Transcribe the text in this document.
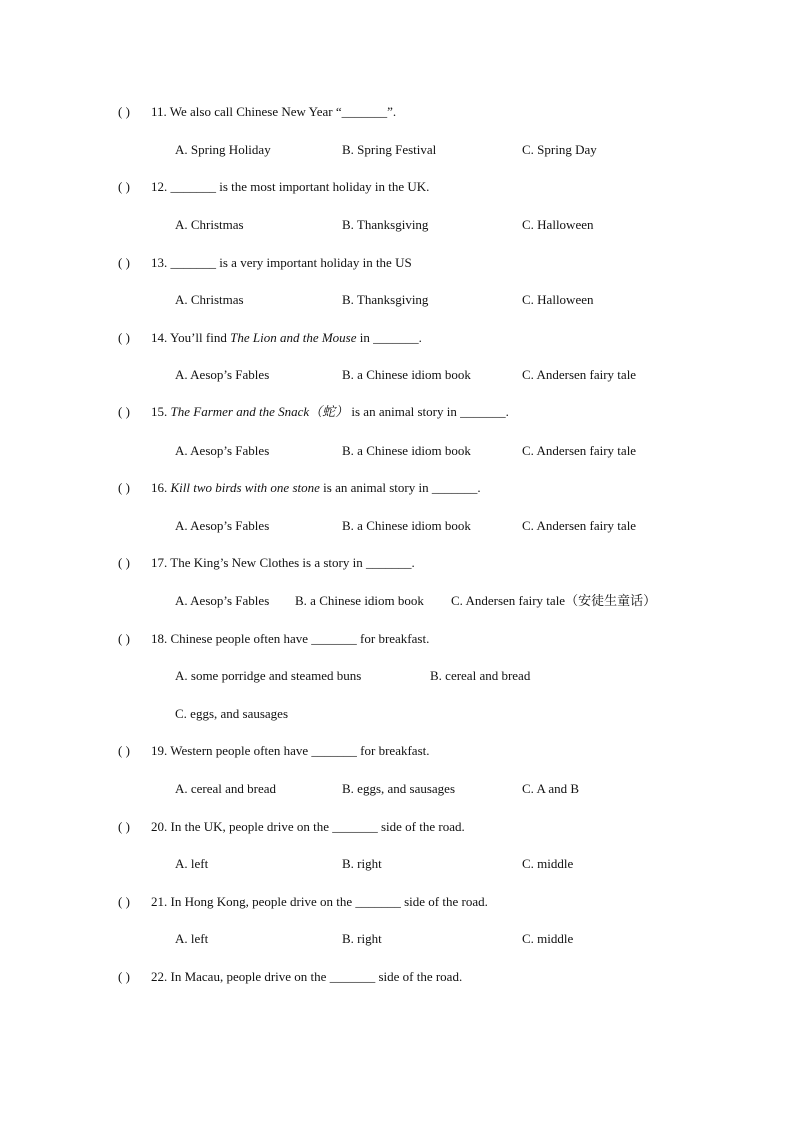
( ) 11. We also call Chinese New Year “_______”.
A. Spring Holiday	B. Spring Festival	C. Spring Day
( ) 12. _______ is the most important holiday in the UK.
A. Christmas	B. Thanksgiving	C. Halloween
( ) 13. _______ is a very important holiday in the US
A. Christmas	B. Thanksgiving	C. Halloween
( ) 14. You’ll find The Lion and the Mouse in _______.
A. Aesop’s Fables	B. a Chinese idiom book	C. Andersen fairy tale
( ) 15. The Farmer and the Snack（蛇） is an animal story in _______.
A. Aesop’s Fables	B. a Chinese idiom book	C. Andersen fairy tale
( ) 16. Kill two birds with one stone is an animal story in _______.
A. Aesop’s Fables	B. a Chinese idiom book	C. Andersen fairy tale
( ) 17. The King’s New Clothes is a story in _______.
A. Aesop’s Fables B. a Chinese idiom book C. Andersen fairy tale（安徒生童话）
( ) 18. Chinese people often have _______ for breakfast.
A. some porridge and steamed buns	B. cereal and bread
C. eggs, and sausages
( ) 19. Western people often have _______ for breakfast.
A. cereal and bread	B. eggs, and sausages	C. A and B
( ) 20. In the UK, people drive on the _______ side of the road.
A. left	B. right	C. middle
( ) 21. In Hong Kong, people drive on the _______ side of the road.
A. left	B. right	C. middle
( ) 22. In Macau, people drive on the _______ side of the road.
